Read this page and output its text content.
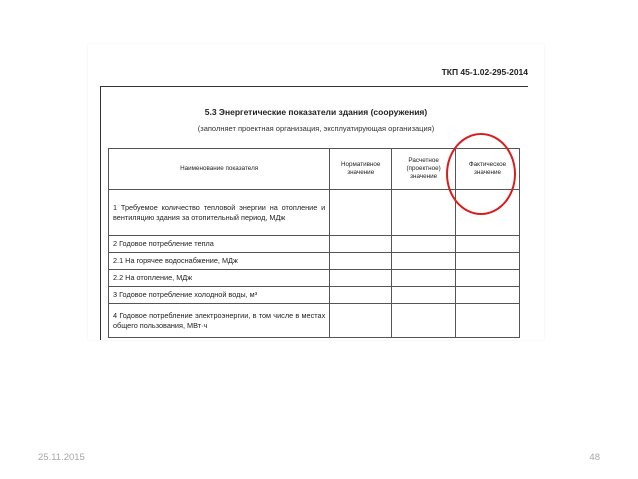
ТКП 45-1.02-295-2014
5.3 Энергетические показатели здания (сооружения)
(заполняет проектная организация, эксплуатирующая организация)
Наименование показателя	Нормативное значение	Расчетное (проектное) значение	Фактическое значение
1 Требуемое количество тепловой энергии на отопление и вентиляцию здания за отопительный период, МДж			
2 Годовое потребление тепла			
2.1 На горячее водоснабжение, МДж			
2.2 На отопление, МДж			
3 Годовое потребление холодной воды, м³			
4 Годовое потребление электроэнергии, в том числе в местах общего пользования, МВт·ч			
25.11.2015	48
